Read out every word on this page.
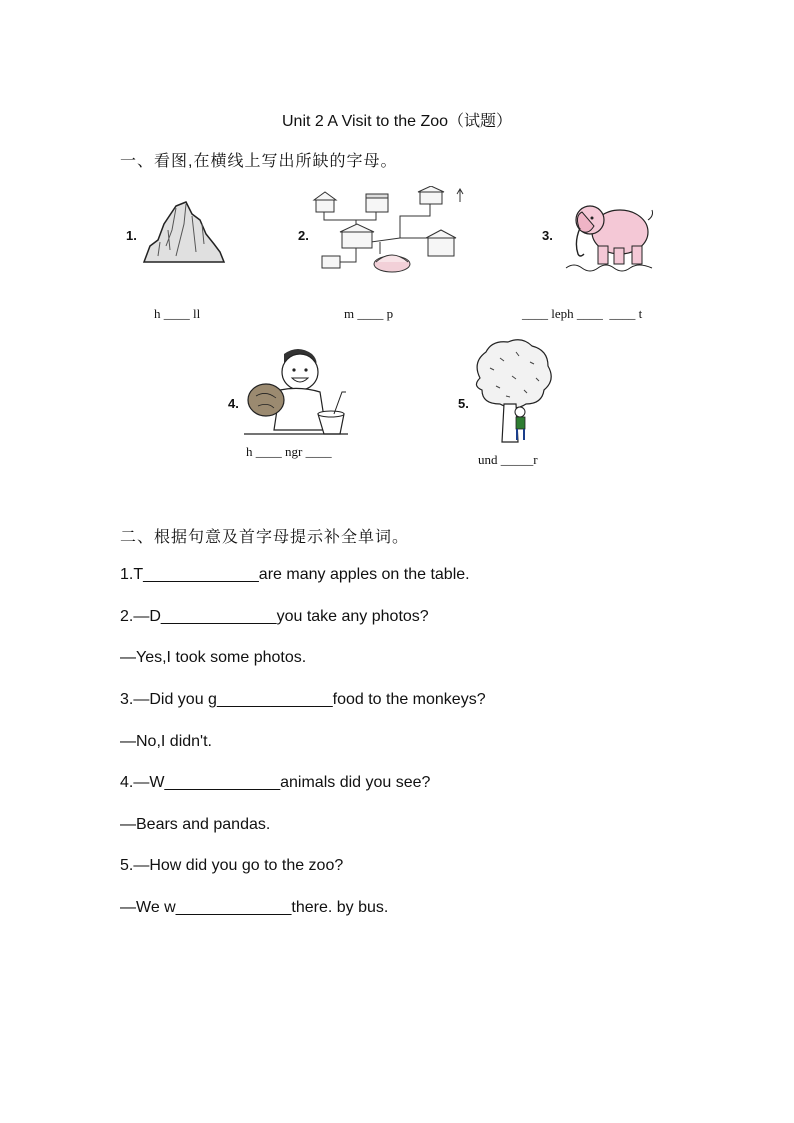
Unit 2 A Visit to the Zoo（试题）
一、看图,在横线上写出所缺的字母。
1.
h ____ ll
2.
m ____ p
3.
____ leph ____  ____ t
4.
h ____ ngr ____
5.
und _____r
二、根据句意及首字母提示补全单词。
1.T_____________are many apples on the table.
2.—D_____________you take any photos?
—Yes,I took some photos.
3.—Did you g_____________food to the monkeys?
—No,I didn't.
4.—W_____________animals did you see?
—Bears and pandas.
5.—How did you go to the zoo?
—We w_____________there. by bus.
